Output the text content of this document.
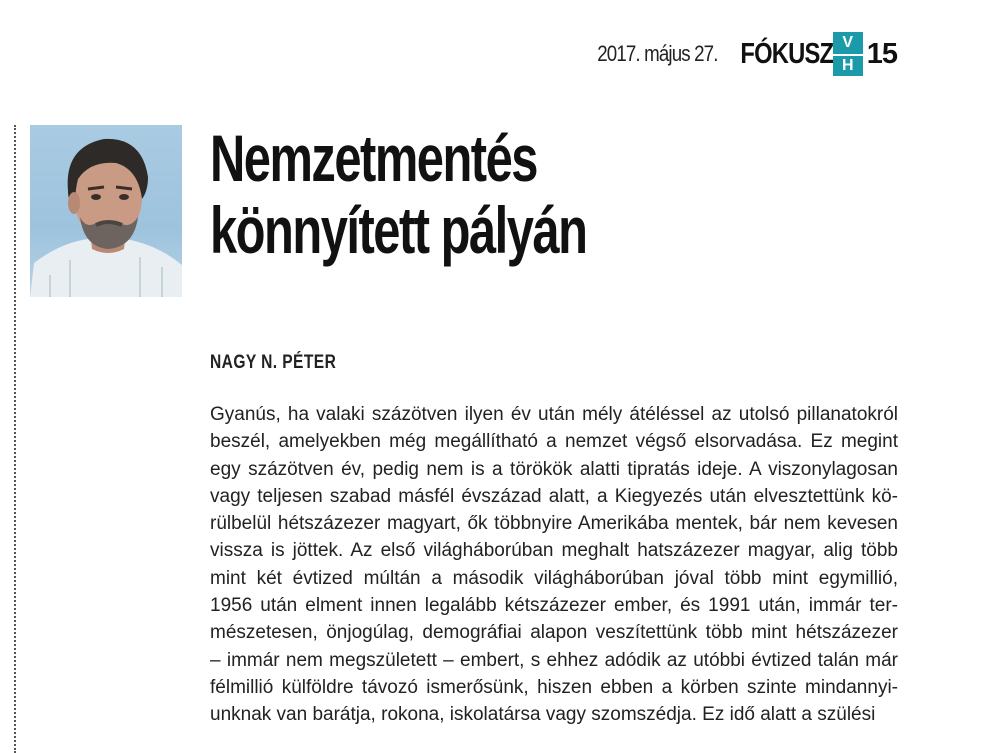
2017. május 27. FÓKUSZ V
H 15
Nemzetmentés
könnyített pályán

NAGY N. PÉTER

Gyanús, ha valaki százötven ilyen év után mély átéléssel az utolsó pillanatokról
beszél, amelyekben még megállítható a nemzet végső elsorvadása. Ez megint
egy százötven év, pedig nem is a törökök alatti tipratás ideje. A viszonylagosan
vagy teljesen szabad másfél évszázad alatt, a Kiegyezés után elvesztettünk kö-
rülbelül hétszázezer magyart, ők többnyire Amerikába mentek, bár nem kevesen
vissza is jöttek. Az első világháborúban meghalt hatszázezer magyar, alig több
mint két évtized múltán a második világháborúban jóval több mint egymillió,
1956 után elment innen legalább kétszázezer ember, és 1991 után, immár ter-
mészetesen, önjogúlag, demográfiai alapon veszítettünk több mint hétszázezer
– immár nem megszületett – embert, s ehhez adódik az utóbbi évtized talán már
félmillió külföldre távozó ismerősünk, hiszen ebben a körben szinte mindannyi-
unknak van barátja, rokona, iskolatársa vagy szomszédja. Ez idő alatt a szülési
